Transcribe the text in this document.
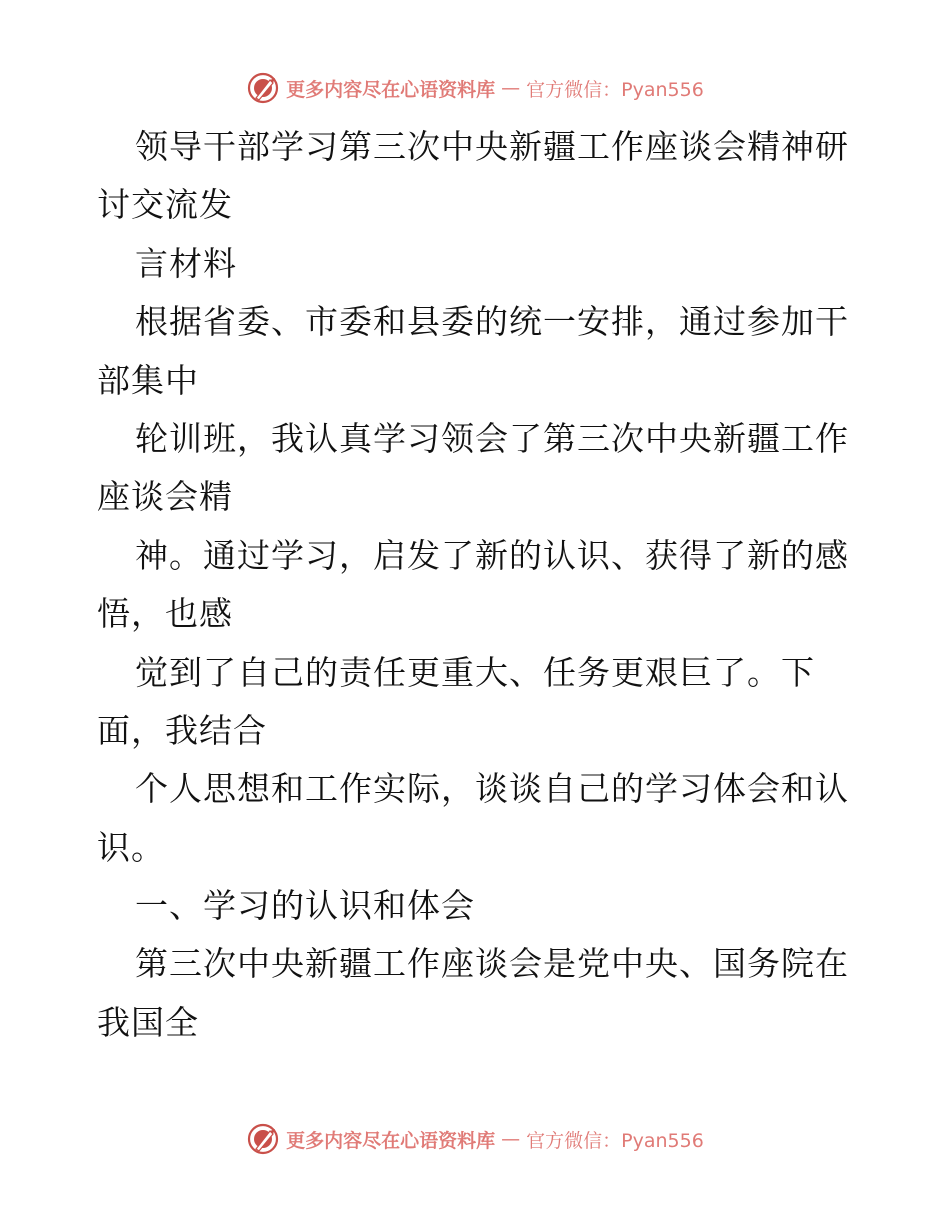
更多内容尽在心语资料库 — 官方微信：Pyan556
领导干部学习第三次中央新疆工作座谈会精神研
讨交流发
言材料
根据省委、市委和县委的统一安排，通过参加干
部集中
轮训班，我认真学习领会了第三次中央新疆工作
座谈会精
神。通过学习，启发了新的认识、获得了新的感
悟，也感
觉到了自己的责任更重大、任务更艰巨了。下
面，我结合
个人思想和工作实际，谈谈自己的学习体会和认
识。
一、学习的认识和体会
第三次中央新疆工作座谈会是党中央、国务院在
我国全
更多内容尽在心语资料库 — 官方微信：Pyan556
